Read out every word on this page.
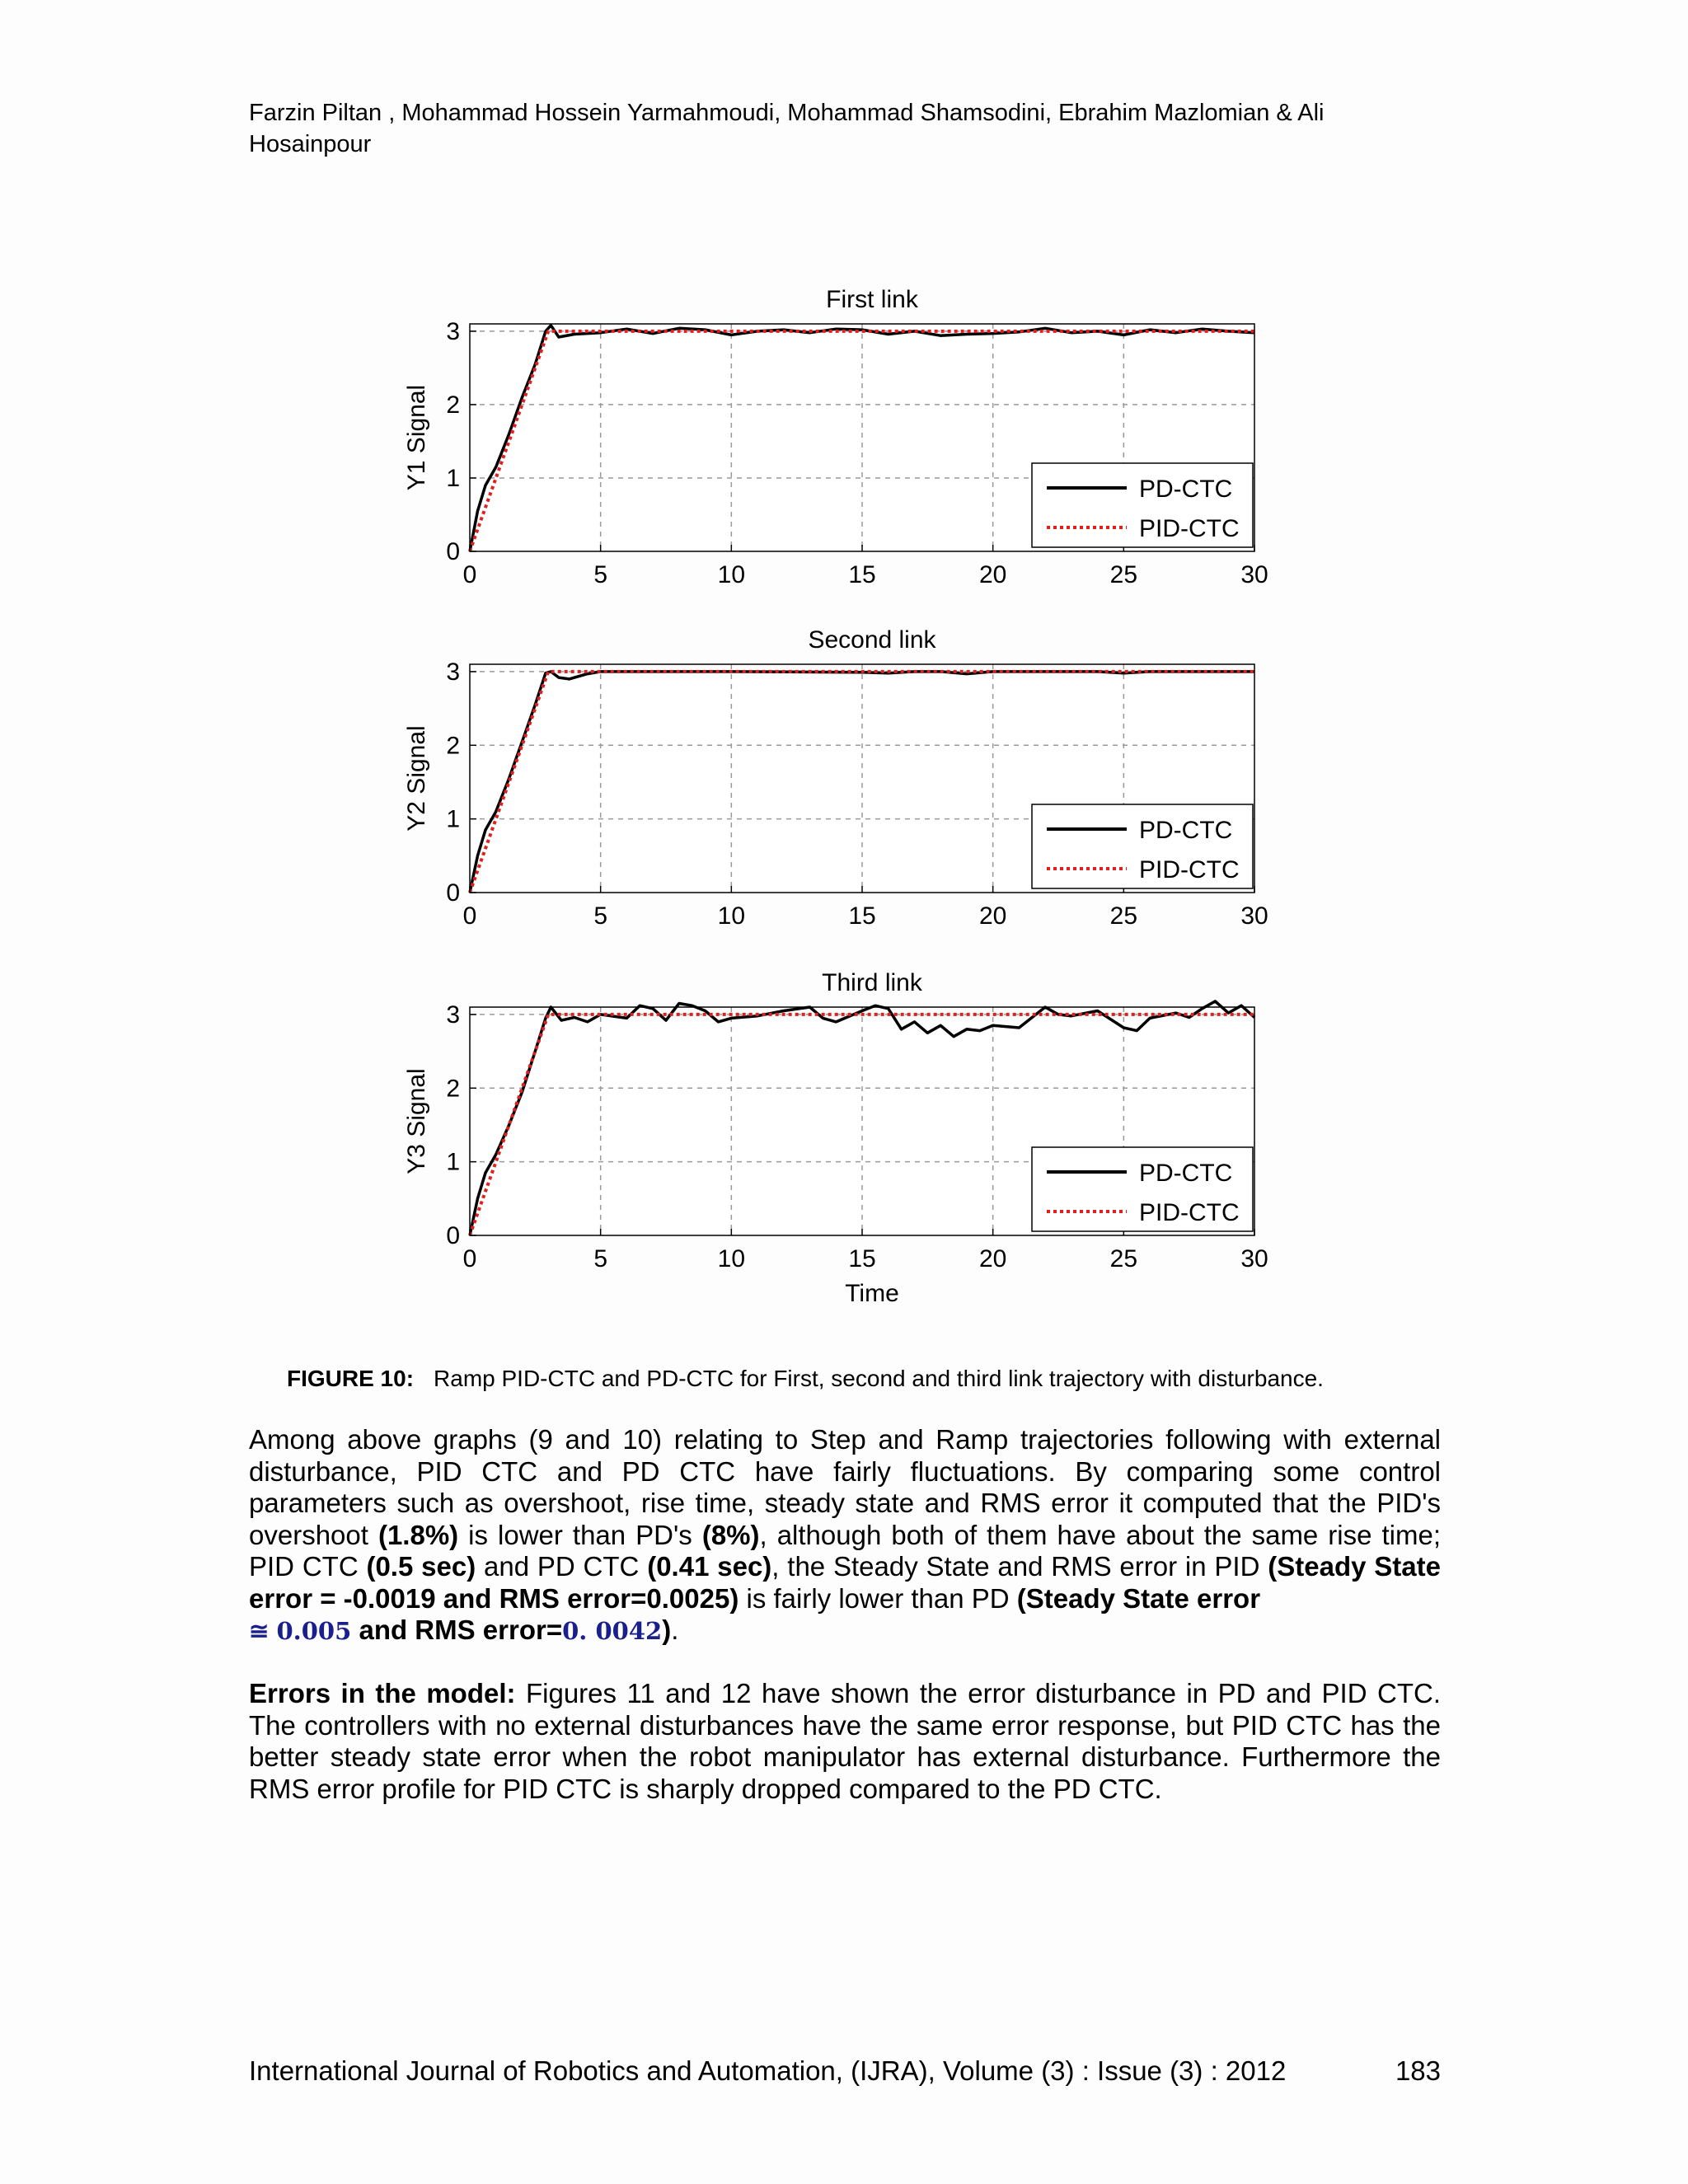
Farzin Piltan , Mohammad Hossein Yarmahmoudi, Mohammad Shamsodini, Ebrahim Mazlomian & Ali Hosainpour
0	5	10	15	20	25	30
0
1
2
3
First link
Y1 Signal	PD-CTC
PID-CTC
0	5	10	15	20	25	30
0
1
2
3
Second link
Y2 Signal	PD-CTC
PID-CTC
0	5	10	15	20	25	30
0
1
2
3
Third link
Y3 Signal
Time
PD-CTC
PID-CTC
FIGURE 10: Ramp PID-CTC and PD-CTC for First, second and third link trajectory with disturbance.

Among above graphs (9 and 10) relating to Step and Ramp trajectories following with external disturbance, PID CTC and PD CTC have fairly fluctuations. By comparing some control parameters such as overshoot, rise time, steady state and RMS error it computed that the PID's overshoot (1.8%) is lower than PD's (8%), although both of them have about the same rise time; PID CTC (0.5 sec) and PD CTC (0.41 sec), the Steady State and RMS error in PID (Steady State error = -0.0019 and RMS error=0.0025) is fairly lower than PD (Steady State error
≅ 0.005 and RMS error=0. 0042).

Errors in the model: Figures 11 and 12 have shown the error disturbance in PD and PID CTC. The controllers with no external disturbances have the same error response, but PID CTC has the better steady state error when the robot manipulator has external disturbance. Furthermore the RMS error profile for PID CTC is sharply dropped compared to the PD CTC.

International Journal of Robotics and Automation, (IJRA), Volume (3) : Issue (3) : 2012	183
